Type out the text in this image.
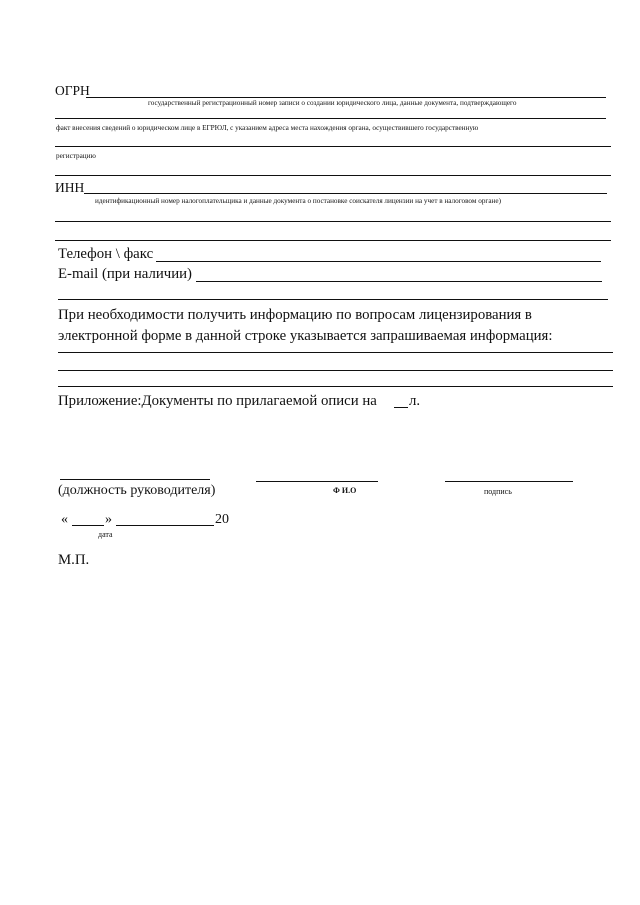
ОГРН
государственный регистрационный номер записи о создании юридического лица, данные документа, подтверждающего
факт внесения сведений о юридическом лице в ЕГРЮЛ, с указанием адреса места нахождения органа, осуществившего государственную
регистрацию
ИНН
идентификационный номер налогоплательщика и данные документа о постановке соискателя лицензии на учет в налоговом органе)
Телефон \ факс
E-mail (при наличии)
При необходимости получить информацию по вопросам лицензирования в
электронной форме в данной строке указывается запрашиваемая информация:
Приложение:Документы по прилагаемой описи на л.
(должность руководителя)	Ф И.О	подпись
«	»	20
дата
М.П.
